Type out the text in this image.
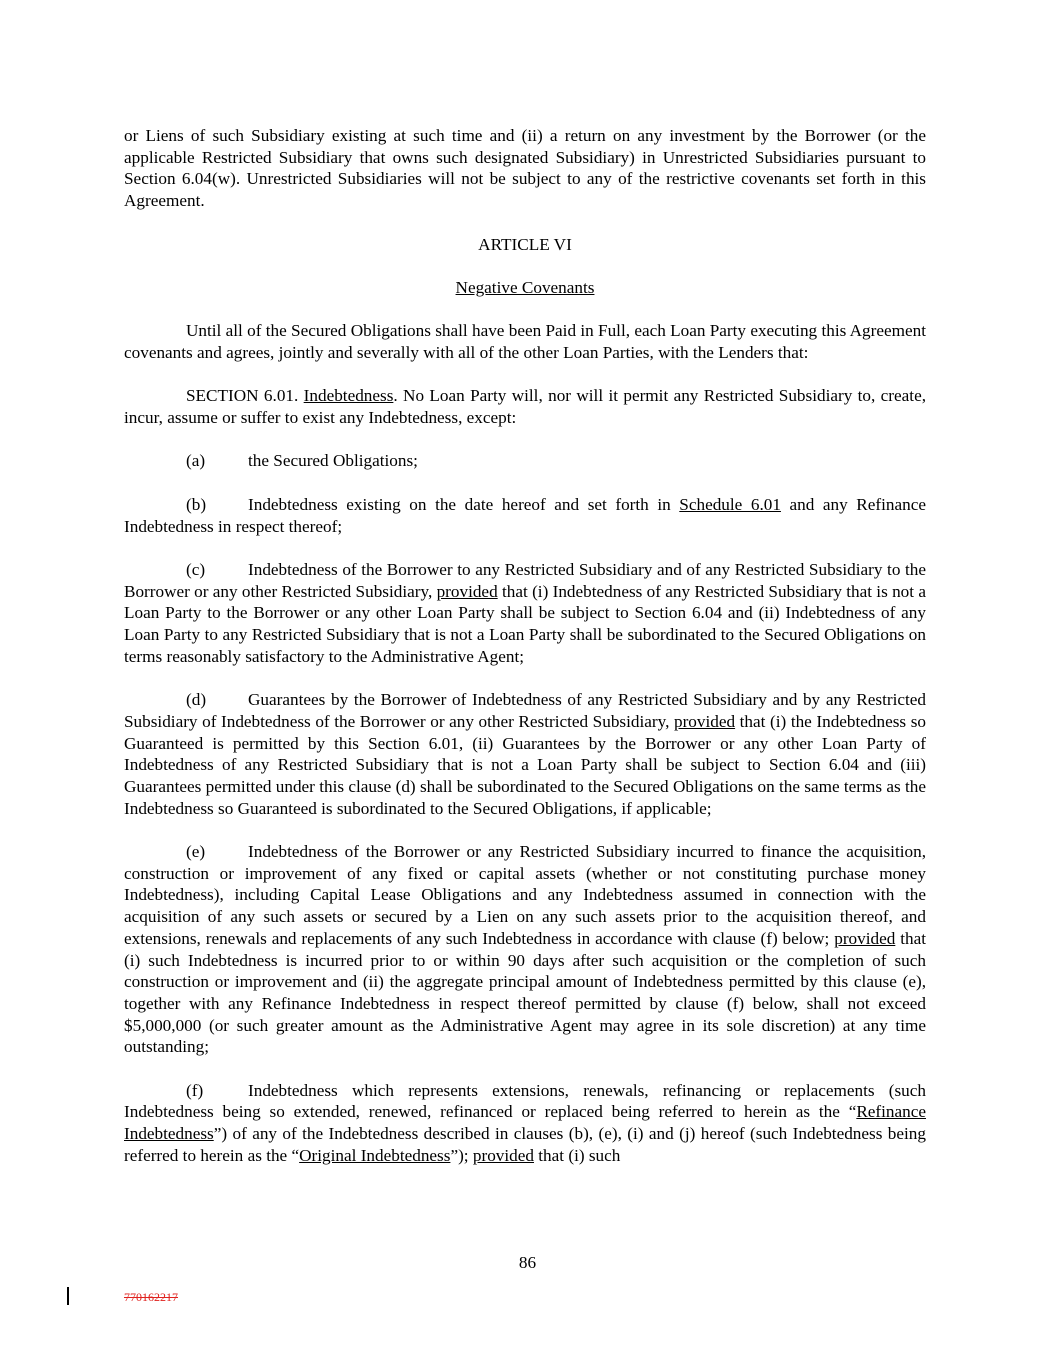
or Liens of such Subsidiary existing at such time and (ii) a return on any investment by the Borrower (or the applicable Restricted Subsidiary that owns such designated Subsidiary) in Unrestricted Subsidiaries pursuant to Section 6.04(w). Unrestricted Subsidiaries will not be subject to any of the restrictive covenants set forth in this Agreement.

ARTICLE VI

Negative Covenants

Until all of the Secured Obligations shall have been Paid in Full, each Loan Party executing this Agreement covenants and agrees, jointly and severally with all of the other Loan Parties, with the Lenders that:

SECTION 6.01. Indebtedness. No Loan Party will, nor will it permit any Restricted Subsidiary to, create, incur, assume or suffer to exist any Indebtedness, except:

(a) the Secured Obligations;

(b) Indebtedness existing on the date hereof and set forth in Schedule 6.01 and any Refinance Indebtedness in respect thereof;

(c) Indebtedness of the Borrower to any Restricted Subsidiary and of any Restricted Subsidiary to the Borrower or any other Restricted Subsidiary, provided that (i) Indebtedness of any Restricted Subsidiary that is not a Loan Party to the Borrower or any other Loan Party shall be subject to Section 6.04 and (ii) Indebtedness of any Loan Party to any Restricted Subsidiary that is not a Loan Party shall be subordinated to the Secured Obligations on terms reasonably satisfactory to the Administrative Agent;

(d) Guarantees by the Borrower of Indebtedness of any Restricted Subsidiary and by any Restricted Subsidiary of Indebtedness of the Borrower or any other Restricted Subsidiary, provided that (i) the Indebtedness so Guaranteed is permitted by this Section 6.01, (ii) Guarantees by the Borrower or any other Loan Party of Indebtedness of any Restricted Subsidiary that is not a Loan Party shall be subject to Section 6.04 and (iii) Guarantees permitted under this clause (d) shall be subordinated to the Secured Obligations on the same terms as the Indebtedness so Guaranteed is subordinated to the Secured Obligations, if applicable;

(e) Indebtedness of the Borrower or any Restricted Subsidiary incurred to finance the acquisition, construction or improvement of any fixed or capital assets (whether or not constituting purchase money Indebtedness), including Capital Lease Obligations and any Indebtedness assumed in connection with the acquisition of any such assets or secured by a Lien on any such assets prior to the acquisition thereof, and extensions, renewals and replacements of any such Indebtedness in accordance with clause (f) below; provided that (i) such Indebtedness is incurred prior to or within 90 days after such acquisition or the completion of such construction or improvement and (ii) the aggregate principal amount of Indebtedness permitted by this clause (e), together with any Refinance Indebtedness in respect thereof permitted by clause (f) below, shall not exceed $5,000,000 (or such greater amount as the Administrative Agent may agree in its sole discretion) at any time outstanding;

(f)	Indebtedness which represents extensions, renewals, refinancing or replacements (such Indebtedness being so extended, renewed, refinanced or replaced being referred to herein as the “Refinance Indebtedness”) of any of the Indebtedness described in clauses (b), (e), (i) and (j) hereof (such Indebtedness being referred to herein as the “Original Indebtedness”); provided that (i) such

86
770162217
